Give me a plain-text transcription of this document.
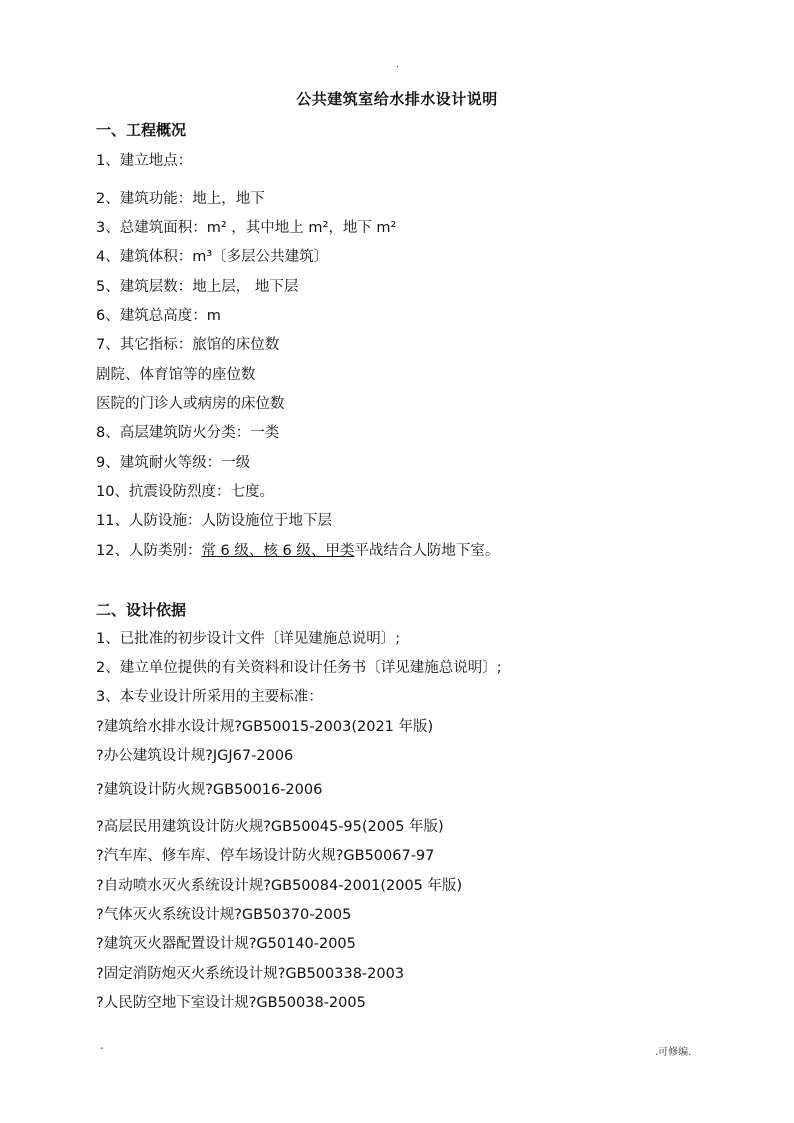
.
公共建筑室给水排水设计说明
一、工程概况
1、建立地点：
2、建筑功能：地上，地下
3、总建筑面积：m² ，其中地上 m²，地下 m²
4、建筑体积：m³〔多层公共建筑〕
5、建筑层数：地上层， 地下层
6、建筑总高度：m
7、其它指标：旅馆的床位数
剧院、体育馆等的座位数
医院的门诊人或病房的床位数
8、高层建筑防火分类：一类
9、建筑耐火等级：一级
10、抗震设防烈度：七度。
11、人防设施：人防设施位于地下层
12、人防类别：常 6 级、核 6 级、甲类平战结合人防地下室。
二、设计依据
1、已批准的初步设计文件〔详见建施总说明〕;
2、建立单位提供的有关资料和设计任务书〔详见建施总说明〕;
3、本专业设计所采用的主要标准：
?建筑给水排水设计规?GB50015-2003(2021 年版)
?办公建筑设计规?JGJ67-2006
?建筑设计防火规?GB50016-2006
?高层民用建筑设计防火规?GB50045-95(2005 年版)
?汽车库、修车库、停车场设计防火规?GB50067-97
?自动喷水灭火系统设计规?GB50084-2001(2005 年版)
?气体灭火系统设计规?GB50370-2005
?建筑灭火器配置设计规?G50140-2005
?固定消防炮灭火系统设计规?GB500338-2003
?人民防空地下室设计规?GB50038-2005
-	.可修编.
